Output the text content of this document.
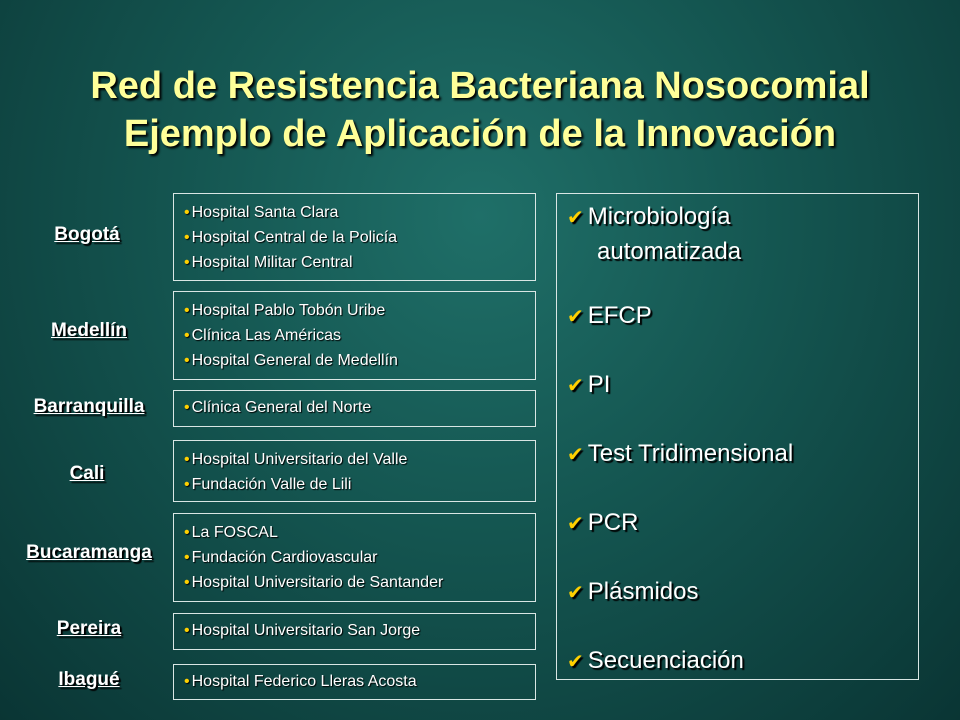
Red de Resistencia Bacteriana Nosocomial
Ejemplo de Aplicación de la Innovación
Bogotá
Medellín
Barranquilla
Cali
Bucaramanga
Pereira
Ibagué
• Hospital Santa Clara
• Hospital Central de la Policía
• Hospital Militar Central
• Hospital Pablo Tobón Uribe
• Clínica Las Américas
• Hospital General de Medellín
• Clínica General del Norte
• Hospital Universitario del Valle
• Fundación Valle de Lili
• La FOSCAL
• Fundación Cardiovascular
• Hospital Universitario de Santander
• Hospital Universitario San Jorge
• Hospital Federico Lleras Acosta
✔ Microbiología
automatizada
✔ EFCP
✔ PI
✔ Test Tridimensional
✔ PCR
✔ Plásmidos
✔ Secuenciación
